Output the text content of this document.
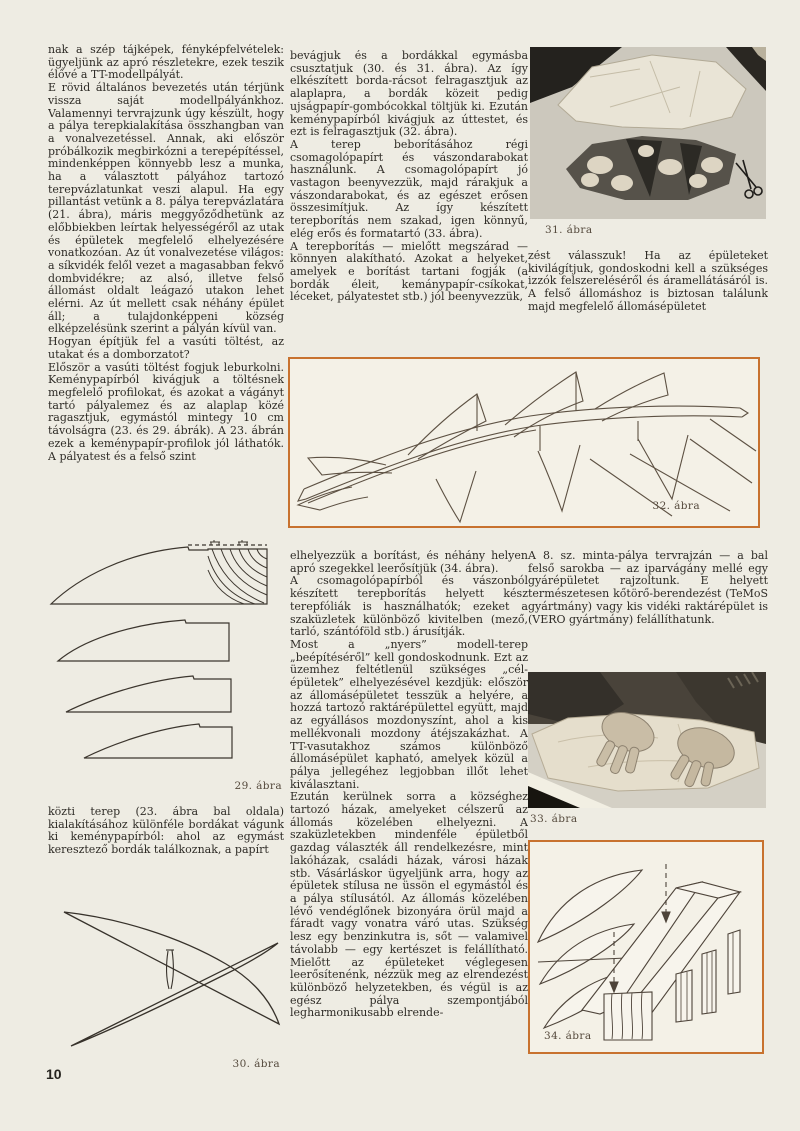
nak a szép tájképek, fényképfelvételek: ügyeljünk az apró részletekre, ezek teszik élővé a TT-modellpályát.

E rövid általános bevezetés után térjünk vissza saját modellpályánkhoz. Valamennyi tervrajzunk úgy készült, hogy a pálya terepkialakítása összhangban van a vonalvezetéssel. Annak, aki először próbálkozik megbirkózni a terepépítéssel, mindenképpen könnyebb lesz a munka, ha a választott pályához tartozó terepvázlatunkat veszi alapul. Ha egy pillantást vetünk a 8. pálya terepvázlatára (21. ábra), máris meggyőződhetünk az előbbiekben leírtak helyességéről az utak és épületek megfelelő elhelyezésére vonatkozóan. Az út vonalvezetése világos: a síkvidék felől vezet a magasabban fekvő dombvidékre; az alsó, illetve felső állomást oldalt leágazó utakon lehet elérni. Az út mellett csak néhány épület áll; a tulajdonképpeni község elképzelésünk szerint a pályán kívül van.

Hogyan építjük fel a vasúti töltést, az utakat és a domborzatot?

Először a vasúti töltést fogjuk leburkolni. Keménypapírból kivágjuk a töltésnek megfelelő profilokat, és azokat a vágányt tartó pályalemez és az alaplap közé ragasztjuk, egymástól mintegy 10 cm távolságra (23. és 29. ábrák). A 23. ábrán ezek a keménypapír-profilok jól láthatók. A pályatest és a felső szint

29. ábra

közti terep (23. ábra bal oldala) kialakításához különféle bordákat vágunk ki keménypapírból: ahol az egymást keresztező bordák találkoznak, a papírt

30. ábra
10

bevágjuk és a bordákkal egymásba csusztatjuk (30. és 31. ábra). Az így elkészített borda-rácsot felragasztjuk az alaplapra, a bordák közeit pedig ujságpapír-gombócokkal töltjük ki. Ezután keménypapírból kivágjuk az úttestet, és ezt is felragasztjuk (32. ábra).

A terep beborításához régi csomagolópapírt és vászondarabokat használunk. A csomagolópapírt jó vastagon beenyvezzük, majd rárakjuk a vászondarabokat, és az egészet erősen összesimítjuk. Az így készített terepborítás nem szakad, igen könnyű, elég erős és formatartó (33. ábra).

A terepborítás — mielőtt megszárad — könnyen alakítható. Azokat a helyeket, amelyek e borítást tartani fogják (a bordák éleit, kemánypapír-csíkokat, léceket, pályatestet stb.) jól beenyvezzük,

32. ábra

elhelyezzük a borítást, és néhány helyen apró szegekkel leerősítjük (34. ábra).

A csomagolópapírból és vászonból készített terepborítás helyett kész terepfóliák is használhatók; ezeket a szaküzletek különböző kivitelben (mező, tarló, szántóföld stb.) árusítják.

Most a „nyers” modell-terep „beépítéséről” kell gondoskodnunk. Ezt az üzemhez feltétlenül szükséges „cél-épületek” elhelyezésével kezdjük: először az állomásépületet tesszük a helyére, a hozzá tartozó raktárépülettel együtt, majd az egyállásos mozdonyszínt, ahol a kis mellékvonali mozdony átéjszakázhat. A TT-vasutakhoz számos különböző állomásépület kapható, amelyek közül a pálya jellegéhez legjobban illőt lehet kiválasztani.

Ezután kerülnek sorra a községhez tartozó házak, amelyeket célszerű az állomás közelében elhelyezni. A szaküzletekben mindenféle épületből gazdag választék áll rendelkezésre, mint lakóházak, családi házak, városi házak stb. Vásárláskor ügyeljünk arra, hogy az épületek stílusa ne üssön el egymástól és a pálya stílusától. Az állomás közelében lévő vendéglőnek bizonyára örül majd a fáradt vagy vonatra váró utas. Szükség lesz egy benzinkutra is, sőt — valamivel távolabb — egy kertészet is felállítható. Mielőtt az épületeket véglegesen leerősítenénk, nézzük meg az elrendezést különböző helyzetekben, és végül is az egész pálya szempontjából legharmonikusabb elrende-

31. ábra

zést válasszuk! Ha az épületeket kivilágítjuk, gondoskodni kell a szükséges izzók felszereléséről és áramellátásáról is. A felső állomáshoz is biztosan találunk majd megfelelő állomásépületet

A 8. sz. minta-pálya tervrajzán — a bal felső sarokba — az iparvágány mellé egy gyárépületet rajzoltunk. E helyett természetesen kőtörő-berendezést (TeMoS gyártmány) vagy kis vidéki raktárépület is (VERO gyártmány) felállíthatunk.

33. ábra
34. ábra
